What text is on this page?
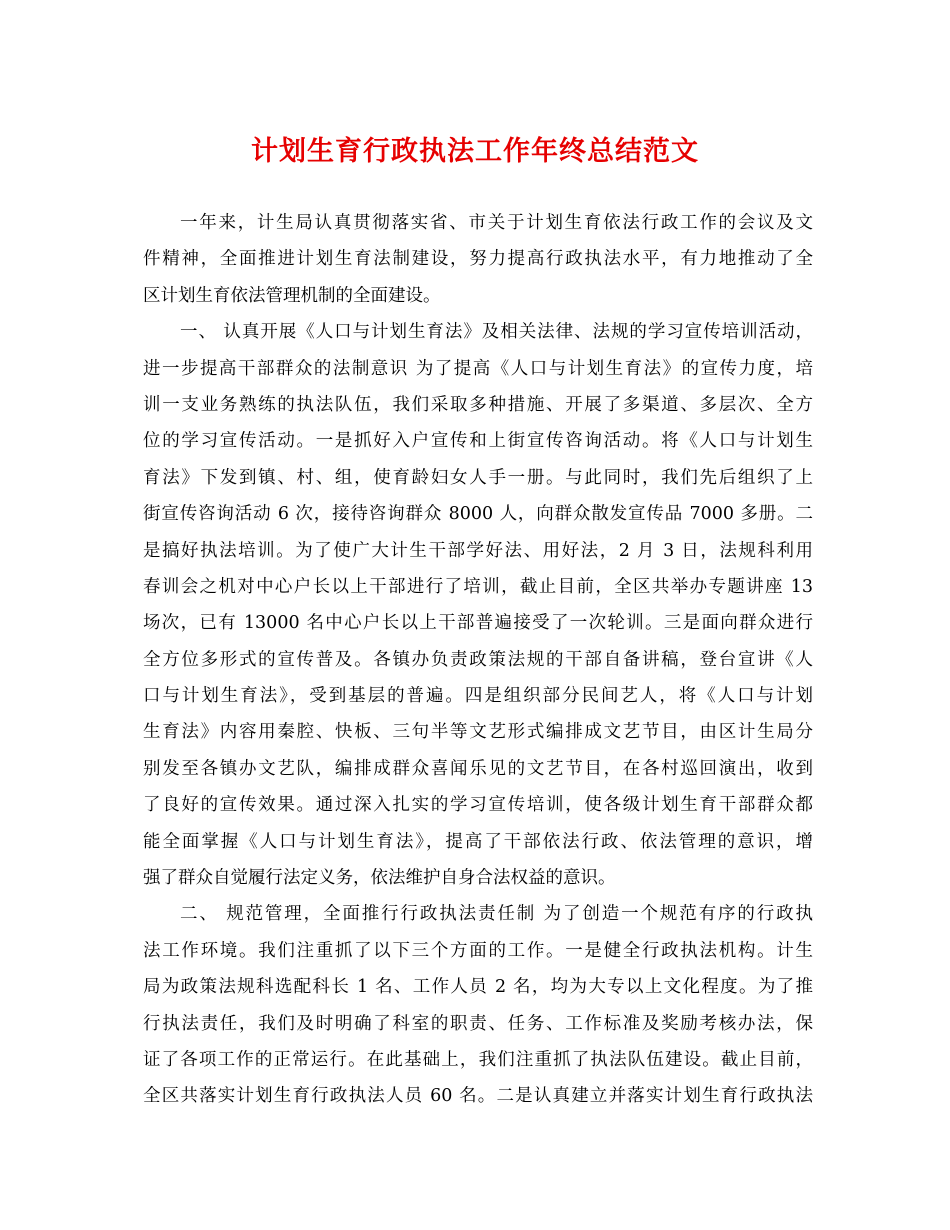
计划生育行政执法工作年终总结范文
一年来，计生局认真贯彻落实省、市关于计划生育依法行政工作的会议及文
件精神，全面推进计划生育法制建设，努力提高行政执法水平，有力地推动了全
区计划生育依法管理机制的全面建设。
一、 认真开展《人口与计划生育法》及相关法律、法规的学习宣传培训活动，
进一步提高干部群众的法制意识 为了提高《人口与计划生育法》的宣传力度，培
训一支业务熟练的执法队伍，我们采取多种措施、开展了多渠道、多层次、全方
位的学习宣传活动。一是抓好入户宣传和上街宣传咨询活动。将《人口与计划生
育法》下发到镇、村、组，使育龄妇女人手一册。与此同时，我们先后组织了上
街宣传咨询活动 6 次，接待咨询群众 8000 人，向群众散发宣传品 7000 多册。二
是搞好执法培训。为了使广大计生干部学好法、用好法，2 月 3 日，法规科利用
春训会之机对中心户长以上干部进行了培训，截止目前，全区共举办专题讲座 13
场次，已有 13000 名中心户长以上干部普遍接受了一次轮训。三是面向群众进行
全方位多形式的宣传普及。各镇办负责政策法规的干部自备讲稿，登台宣讲《人
口与计划生育法》，受到基层的普遍。四是组织部分民间艺人，将《人口与计划
生育法》内容用秦腔、快板、三句半等文艺形式编排成文艺节目，由区计生局分
别发至各镇办文艺队，编排成群众喜闻乐见的文艺节目，在各村巡回演出，收到
了良好的宣传效果。通过深入扎实的学习宣传培训，使各级计划生育干部群众都
能全面掌握《人口与计划生育法》，提高了干部依法行政、依法管理的意识，增
强了群众自觉履行法定义务，依法维护自身合法权益的意识。
二、 规范管理，全面推行行政执法责任制 为了创造一个规范有序的行政执
法工作环境。我们注重抓了以下三个方面的工作。一是健全行政执法机构。计生
局为政策法规科选配科长 1 名、工作人员 2 名，均为大专以上文化程度。为了推
行执法责任，我们及时明确了科室的职责、任务、工作标准及奖励考核办法，保
证了各项工作的正常运行。在此基础上，我们注重抓了执法队伍建设。截止目前，
全区共落实计划生育行政执法人员 60 名。二是认真建立并落实计划生育行政执法
